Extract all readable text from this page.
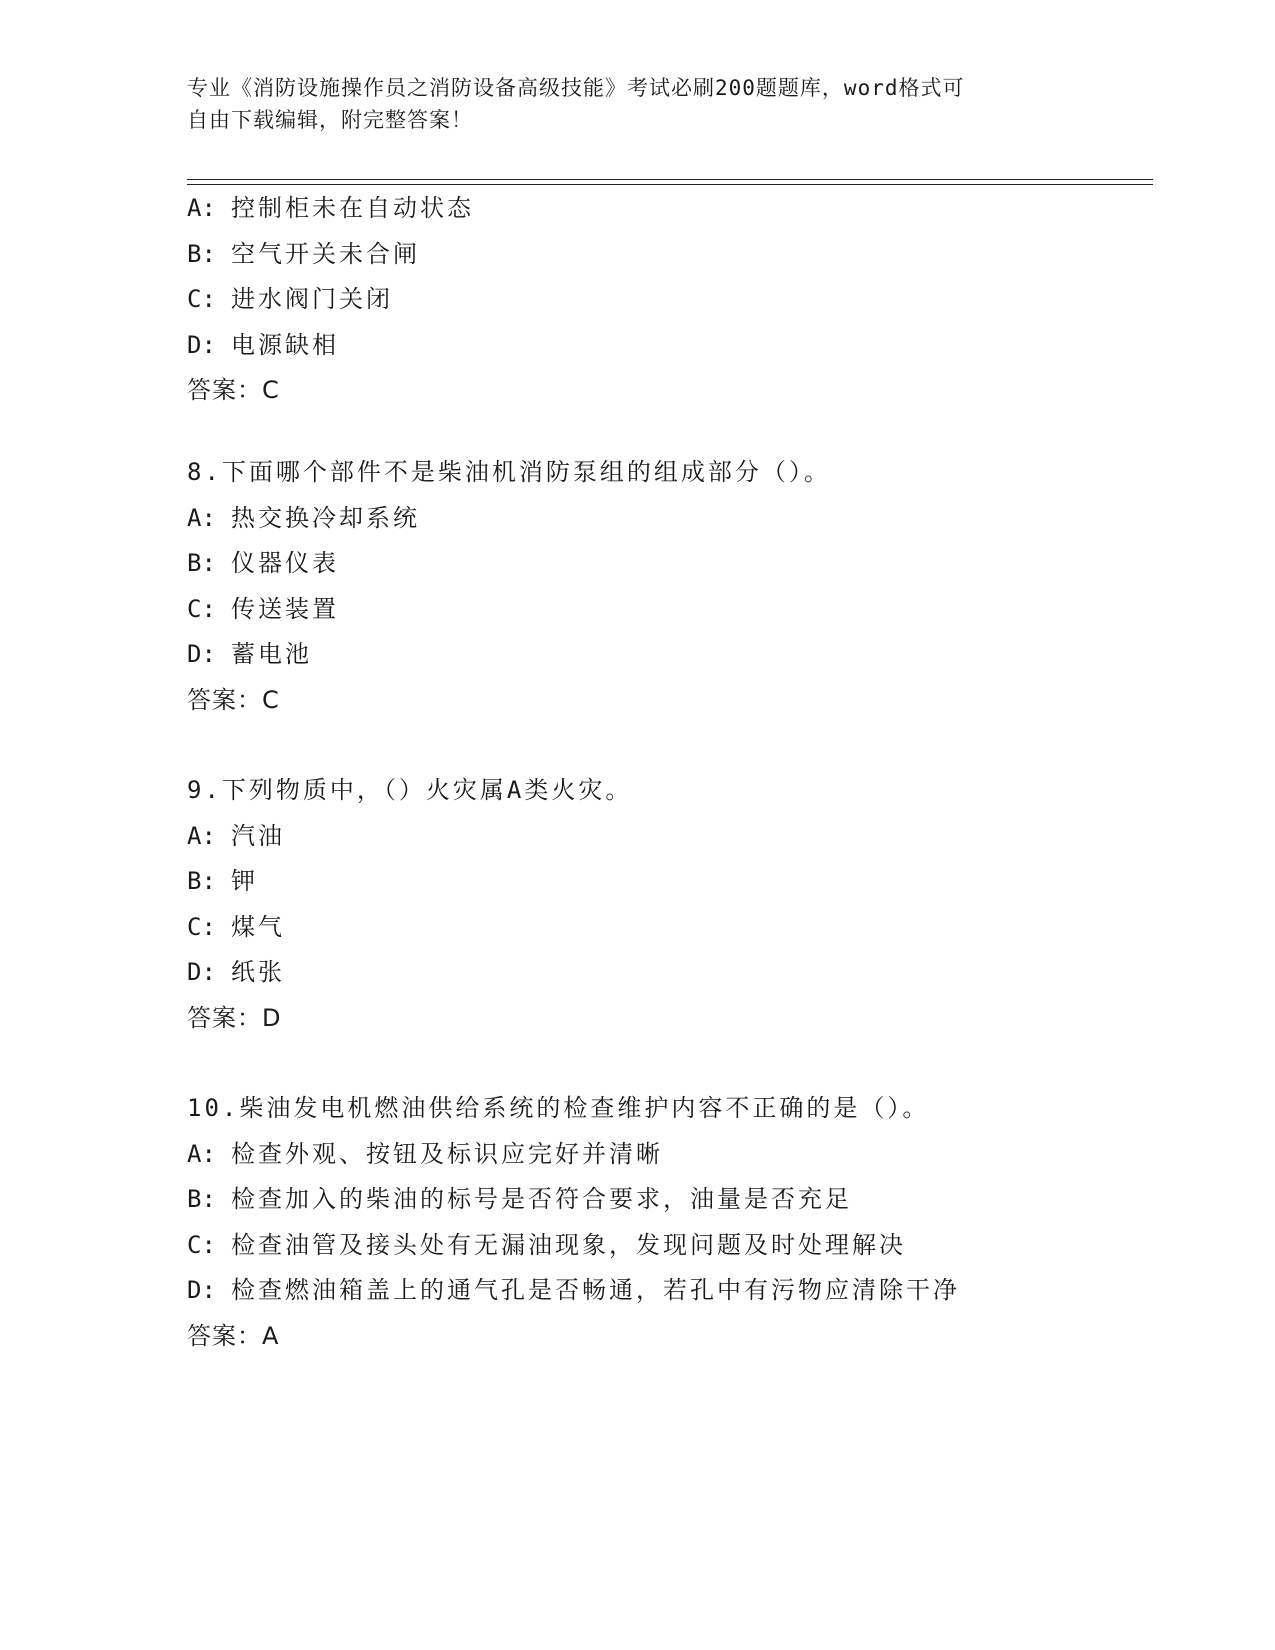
专业《消防设施操作员之消防设备高级技能》考试必刷200题题库，word格式可
自由下载编辑，附完整答案！
A: 控制柜未在自动状态
B: 空气开关未合闸
C: 进水阀门关闭
D: 电源缺相
答案：C
8.下面哪个部件不是柴油机消防泵组的组成部分（）。
A: 热交换冷却系统
B: 仪器仪表
C: 传送装置
D: 蓄电池
答案：C
9.下列物质中，（）火灾属A类火灾。
A: 汽油
B: 钾
C: 煤气
D: 纸张
答案：D
10.柴油发电机燃油供给系统的检查维护内容不正确的是（）。
A: 检查外观、按钮及标识应完好并清晰
B: 检查加入的柴油的标号是否符合要求，油量是否充足
C: 检查油管及接头处有无漏油现象，发现问题及时处理解决
D: 检查燃油箱盖上的通气孔是否畅通，若孔中有污物应清除干净
答案：A
